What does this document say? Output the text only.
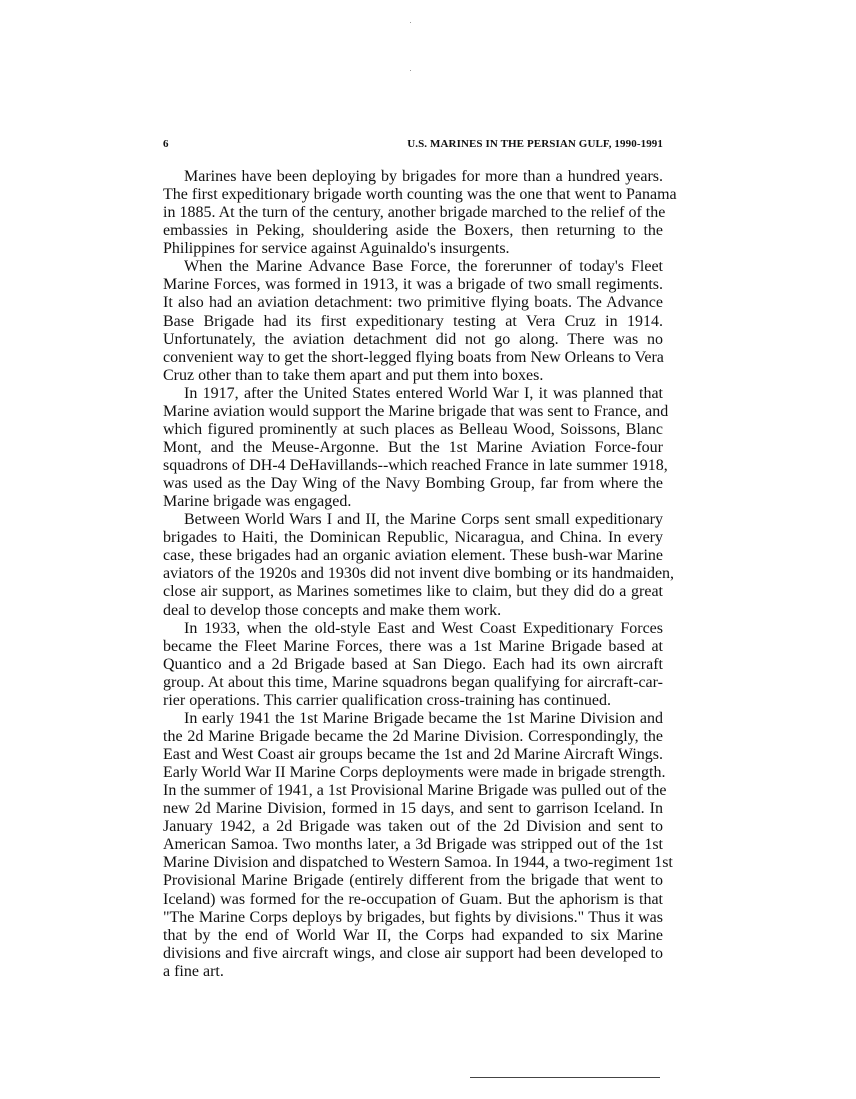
6	U.S. MARINES IN THE PERSIAN GULF, 1990-1991
Marines have been deploying by brigades for more than a hundred years.
The first expeditionary brigade worth counting was the one that went to Panama
in 1885. At the turn of the century, another brigade marched to the relief of the
embassies in Peking, shouldering aside the Boxers, then returning to the
Philippines for service against Aguinaldo's insurgents.
When the Marine Advance Base Force, the forerunner of today's Fleet
Marine Forces, was formed in 1913, it was a brigade of two small regiments.
It also had an aviation detachment: two primitive flying boats. The Advance
Base Brigade had its first expeditionary testing at Vera Cruz in 1914.
Unfortunately, the aviation detachment did not go along. There was no
convenient way to get the short-legged flying boats from New Orleans to Vera
Cruz other than to take them apart and put them into boxes.
In 1917, after the United States entered World War I, it was planned that
Marine aviation would support the Marine brigade that was sent to France, and
which figured prominently at such places as Belleau Wood, Soissons, Blanc
Mont, and the Meuse-Argonne. But the 1st Marine Aviation Force-four
squadrons of DH-4 DeHavillands--which reached France in late summer 1918,
was used as the Day Wing of the Navy Bombing Group, far from where the
Marine brigade was engaged.
Between World Wars I and II, the Marine Corps sent small expeditionary
brigades to Haiti, the Dominican Republic, Nicaragua, and China. In every
case, these brigades had an organic aviation element. These bush-war Marine
aviators of the 1920s and 1930s did not invent dive bombing or its handmaiden,
close air support, as Marines sometimes like to claim, but they did do a great
deal to develop those concepts and make them work.
In 1933, when the old-style East and West Coast Expeditionary Forces
became the Fleet Marine Forces, there was a 1st Marine Brigade based at
Quantico and a 2d Brigade based at San Diego. Each had its own aircraft
group. At about this time, Marine squadrons began qualifying for aircraft-car-
rier operations. This carrier qualification cross-training has continued.
In early 1941 the 1st Marine Brigade became the 1st Marine Division and
the 2d Marine Brigade became the 2d Marine Division. Correspondingly, the
East and West Coast air groups became the 1st and 2d Marine Aircraft Wings.
Early World War II Marine Corps deployments were made in brigade strength.
In the summer of 1941, a 1st Provisional Marine Brigade was pulled out of the
new 2d Marine Division, formed in 15 days, and sent to garrison Iceland. In
January 1942, a 2d Brigade was taken out of the 2d Division and sent to
American Samoa. Two months later, a 3d Brigade was stripped out of the 1st
Marine Division and dispatched to Western Samoa. In 1944, a two-regiment 1st
Provisional Marine Brigade (entirely different from the brigade that went to
Iceland) was formed for the re-occupation of Guam. But the aphorism is that
"The Marine Corps deploys by brigades, but fights by divisions." Thus it was
that by the end of World War II, the Corps had expanded to six Marine
divisions and five aircraft wings, and close air support had been developed to
a fine art.
